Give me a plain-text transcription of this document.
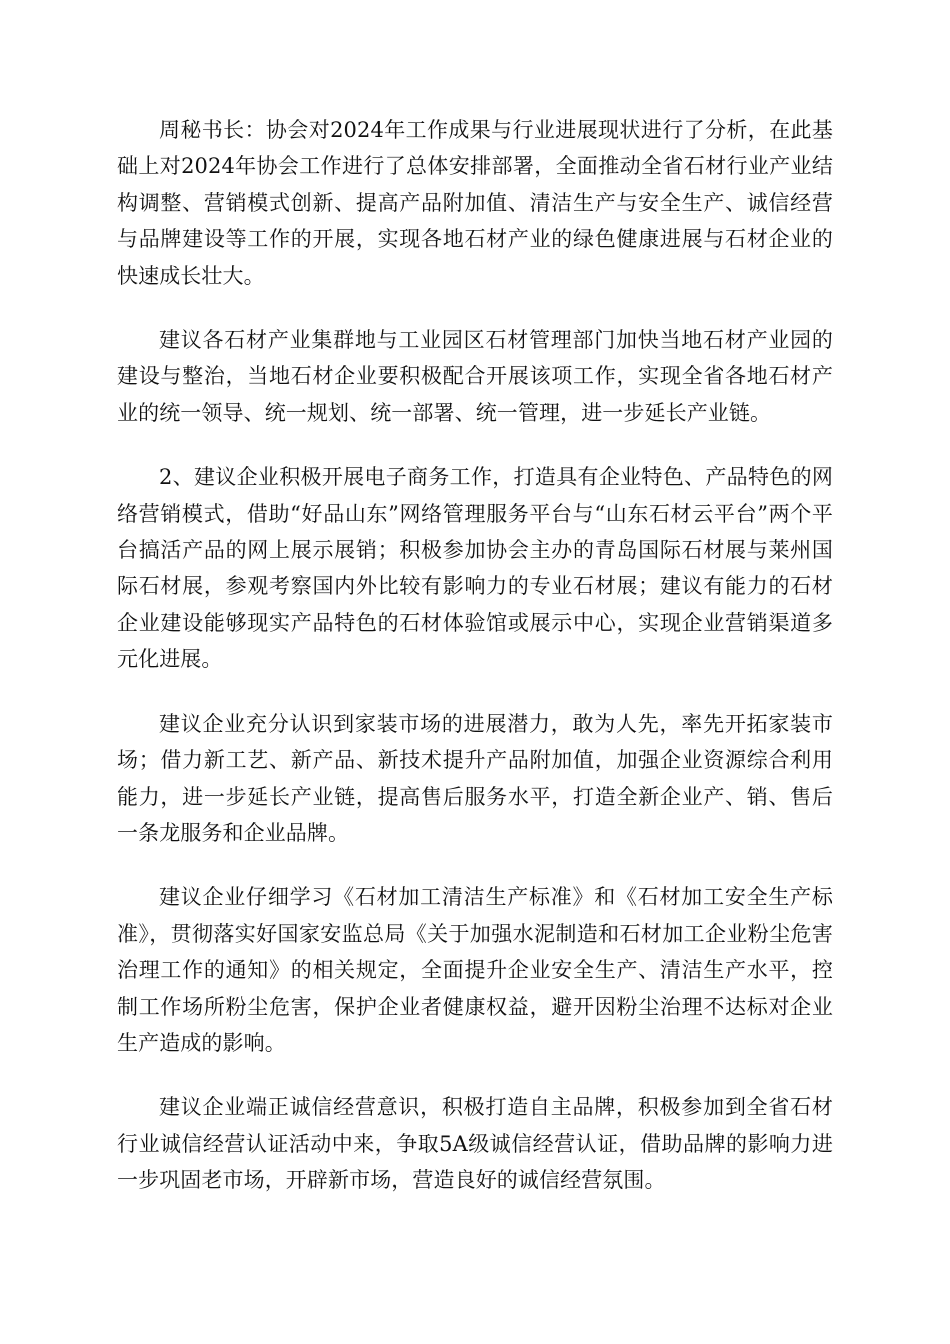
周秘书长：协会对2024年工作成果与行业进展现状进行了分析，在此基础上对2024年协会工作进行了总体安排部署，全面推动全省石材行业产业结构调整、营销模式创新、提高产品附加值、清洁生产与安全生产、诚信经营与品牌建设等工作的开展，实现各地石材产业的绿色健康进展与石材企业的快速成长壮大。

建议各石材产业集群地与工业园区石材管理部门加快当地石材产业园的建设与整治，当地石材企业要积极配合开展该项工作，实现全省各地石材产业的统一领导、统一规划、统一部署、统一管理，进一步延长产业链。

2、建议企业积极开展电子商务工作，打造具有企业特色、产品特色的网络营销模式，借助“好品山东”网络管理服务平台与“山东石材云平台”两个平台搞活产品的网上展示展销；积极参加协会主办的青岛国际石材展与莱州国际石材展，参观考察国内外比较有影响力的专业石材展；建议有能力的石材企业建设能够现实产品特色的石材体验馆或展示中心，实现企业营销渠道多元化进展。

建议企业充分认识到家装市场的进展潜力，敢为人先，率先开拓家装市场；借力新工艺、新产品、新技术提升产品附加值，加强企业资源综合利用能力，进一步延长产业链，提高售后服务水平，打造全新企业产、销、售后一条龙服务和企业品牌。

建议企业仔细学习《石材加工清洁生产标准》和《石材加工安全生产标准》，贯彻落实好国家安监总局《关于加强水泥制造和石材加工企业粉尘危害治理工作的通知》的相关规定，全面提升企业安全生产、清洁生产水平，控制工作场所粉尘危害，保护企业者健康权益，避开因粉尘治理不达标对企业生产造成的影响。

建议企业端正诚信经营意识，积极打造自主品牌，积极参加到全省石材行业诚信经营认证活动中来，争取5A级诚信经营认证，借助品牌的影响力进一步巩固老市场，开辟新市场，营造良好的诚信经营氛围。
